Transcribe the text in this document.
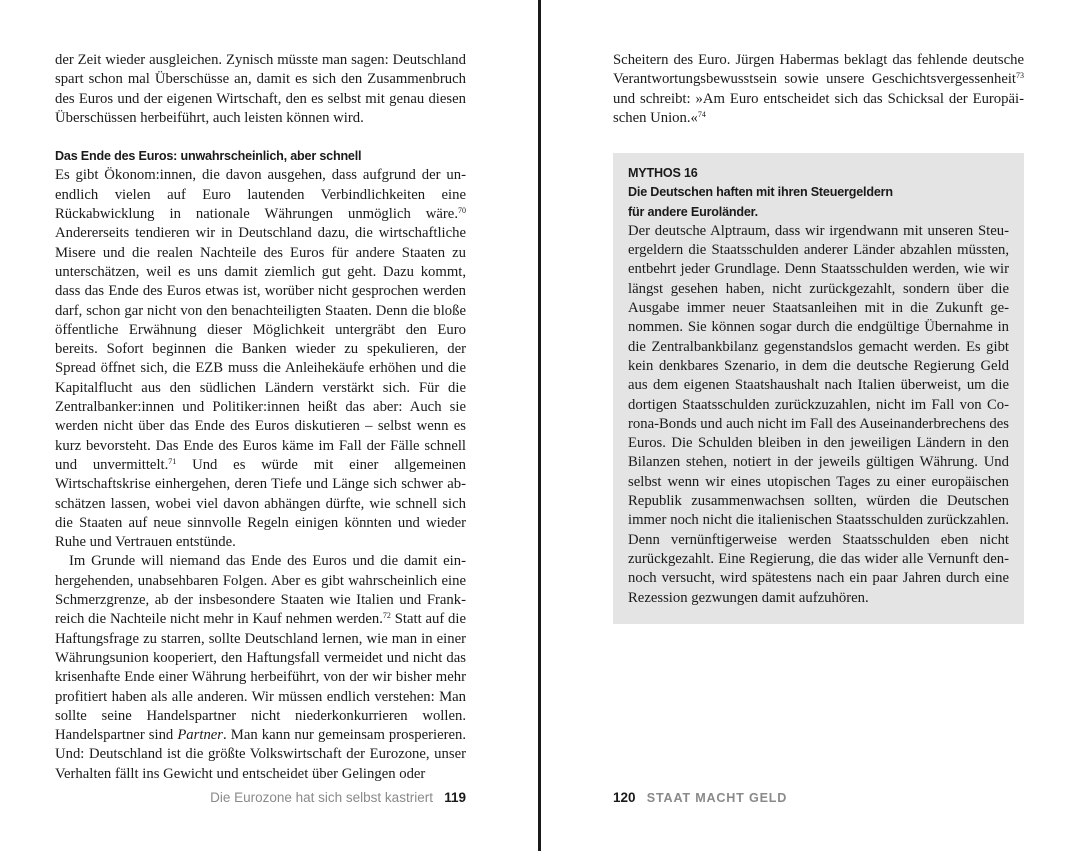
der Zeit wieder ausgleichen. Zynisch müsste man sagen: Deutschland spart schon mal Überschüsse an, damit es sich den Zusammenbruch des Euros und der eigenen Wirtschaft, den es selbst mit genau diesen Überschüssen herbeiführt, auch leisten können wird.

Das Ende des Euros: unwahrscheinlich, aber schnell

Es gibt Ökonom:innen, die davon ausgehen, dass aufgrund der unendlich vielen auf Euro lautenden Verbindlichkeiten eine Rückabwicklung in nationale Währungen unmöglich wäre.$^{70}$ Andererseits tendieren wir in Deutschland dazu, die wirtschaftliche Misere und die realen Nachteile des Euros für andere Staaten zu unterschätzen, weil es uns damit ziemlich gut geht. Dazu kommt, dass das Ende des Euros etwas ist, worüber nicht gesprochen werden darf, schon gar nicht von den benachteiligten Staaten. Denn die bloße öffentliche Erwähnung dieser Möglichkeit untergräbt den Euro bereits. Sofort beginnen die Banken wieder zu spekulieren, der Spread öffnet sich, die EZB muss die Anleihekäufe erhöhen und die Kapitalflucht aus den südlichen Ländern verstärkt sich. Für die Zentralbanker:innen und Politiker:innen heißt das aber: Auch sie werden nicht über das Ende des Euros diskutieren – selbst wenn es kurz bevorsteht. Das Ende des Euros käme im Fall der Fälle schnell und unvermittelt.$^{71}$ Und es würde mit einer allgemeinen Wirtschaftskrise einhergehen, deren Tiefe und Länge sich schwer abschätzen lassen, wobei viel davon abhängen dürfte, wie schnell sich die Staaten auf neue sinnvolle Regeln einigen könnten und wieder Ruhe und Vertrauen entstünde.

Im Grunde will niemand das Ende des Euros und die damit einhergehenden, unabsehbaren Folgen. Aber es gibt wahrscheinlich eine Schmerzgrenze, ab der insbesondere Staaten wie Italien und Frankreich die Nachteile nicht mehr in Kauf nehmen werden.$^{72}$ Statt auf die Haftungsfrage zu starren, sollte Deutschland lernen, wie man in einer Währungsunion kooperiert, den Haftungsfall vermeidet und nicht das krisenhafte Ende einer Währung herbeiführt, von der wir bisher mehr profitiert haben als alle anderen. Wir müssen endlich verstehen: Man sollte seine Handelspartner nicht niederkonkurrieren wollen. Handelspartner sind Partner. Man kann nur gemeinsam prosperieren. Und: Deutschland ist die größte Volkswirtschaft der Eurozone, unser Verhalten fällt ins Gewicht und entscheidet über Gelingen oder

Die Eurozone hat sich selbst kastriert 119

Scheitern des Euro. Jürgen Habermas beklagt das fehlende deutsche Verantwortungsbewusstsein sowie unsere Geschichtsvergessenheit$^{73}$ und schreibt: »Am Euro entscheidet sich das Schicksal der Europäischen Union.«$^{74}$

MYTHOS 16

Die Deutschen haften mit ihren Steuergeldern

für andere Euroländer.

Der deutsche Alptraum, dass wir irgendwann mit unseren Steuergeldern die Staatsschulden anderer Länder abzahlen müssten, entbehrt jeder Grundlage. Denn Staatsschulden werden, wie wir längst gesehen haben, nicht zurückgezahlt, sondern über die Ausgabe immer neuer Staatsanleihen mit in die Zukunft genommen. Sie können sogar durch die endgültige Übernahme in die Zentralbankbilanz gegenstandslos gemacht werden. Es gibt kein denkbares Szenario, in dem die deutsche Regierung Geld aus dem eigenen Staatshaushalt nach Italien überweist, um die dortigen Staatsschulden zurückzuzahlen, nicht im Fall von Corona-Bonds und auch nicht im Fall des Auseinanderbrechens des Euros. Die Schulden bleiben in den jeweiligen Ländern in den Bilanzen stehen, notiert in der jeweils gültigen Währung. Und selbst wenn wir eines utopischen Tages zu einer europäischen Republik zusammenwachsen sollten, würden die Deutschen immer noch nicht die italienischen Staatsschulden zurückzahlen. Denn vernünftigerweise werden Staatsschulden eben nicht zurückgezahlt. Eine Regierung, die das wider alle Vernunft dennoch versucht, wird spätestens nach ein paar Jahren durch eine Rezession gezwungen damit aufzuhören.

120 STAAT MACHT GELD
